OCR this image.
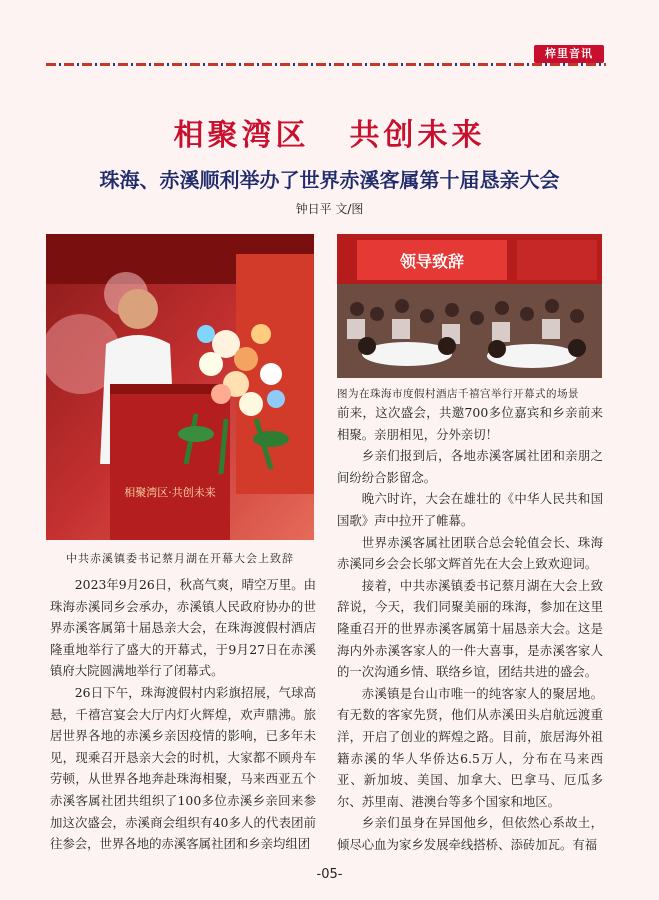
梓里音讯
相聚湾区 共创未来
珠海、赤溪顺利举办了世界赤溪客属第十届恳亲大会
钟日平 文/图
相聚湾区·共创未来
领导致辞
中共赤溪镇委书记蔡月湖在开幕大会上致辞
图为在珠海市度假村酒店千禧宫举行开幕式的场景

2023年9月26日，秋高气爽，晴空万里。由珠海赤溪同乡会承办，赤溪镇人民政府协办的世界赤溪客属第十届恳亲大会，在珠海渡假村酒店隆重地举行了盛大的开幕式，于9月27日在赤溪镇府大院圆满地举行了闭幕式。

26日下午，珠海渡假村内彩旗招展，气球高悬，千禧宫宴会大厅内灯火辉煌，欢声鼎沸。旅居世界各地的赤溪乡亲因疫情的影响，已多年未见，现乘召开恳亲大会的时机，大家都不顾舟车劳顿，从世界各地奔赴珠海相聚，马来西亚五个赤溪客属社团共组织了100多位赤溪乡亲回来参加这次盛会，赤溪商会组织有40多人的代表团前往参会，世界各地的赤溪客属社团和乡亲均组团

前来，这次盛会，共邀700多位嘉宾和乡亲前来相聚。亲朋相见，分外亲切！

乡亲们报到后，各地赤溪客属社团和亲朋之间纷纷合影留念。

晚六时许，大会在雄壮的《中华人民共和国国歌》声中拉开了帷幕。

世界赤溪客属社团联合总会轮值会长、珠海赤溪同乡会会长邬文辉首先在大会上致欢迎词。

接着，中共赤溪镇委书记蔡月湖在大会上致辞说，今天，我们同聚美丽的珠海，参加在这里隆重召开的世界赤溪客属第十届恳亲大会。这是海内外赤溪客家人的一件大喜事，是赤溪客家人的一次沟通乡情、联络乡谊，团结共进的盛会。

赤溪镇是台山市唯一的纯客家人的聚居地。有无数的客家先贤，他们从赤溪田头启航远渡重洋，开启了创业的辉煌之路。目前，旅居海外祖籍赤溪的华人华侨达6.5万人，分布在马来西亚、新加坡、美国、加拿大、巴拿马、厄瓜多尔、苏里南、港澳台等多个国家和地区。

乡亲们虽身在异国他乡，但依然心系故土，倾尽心血为家乡发展牵线搭桥、添砖加瓦。有福

-05-
